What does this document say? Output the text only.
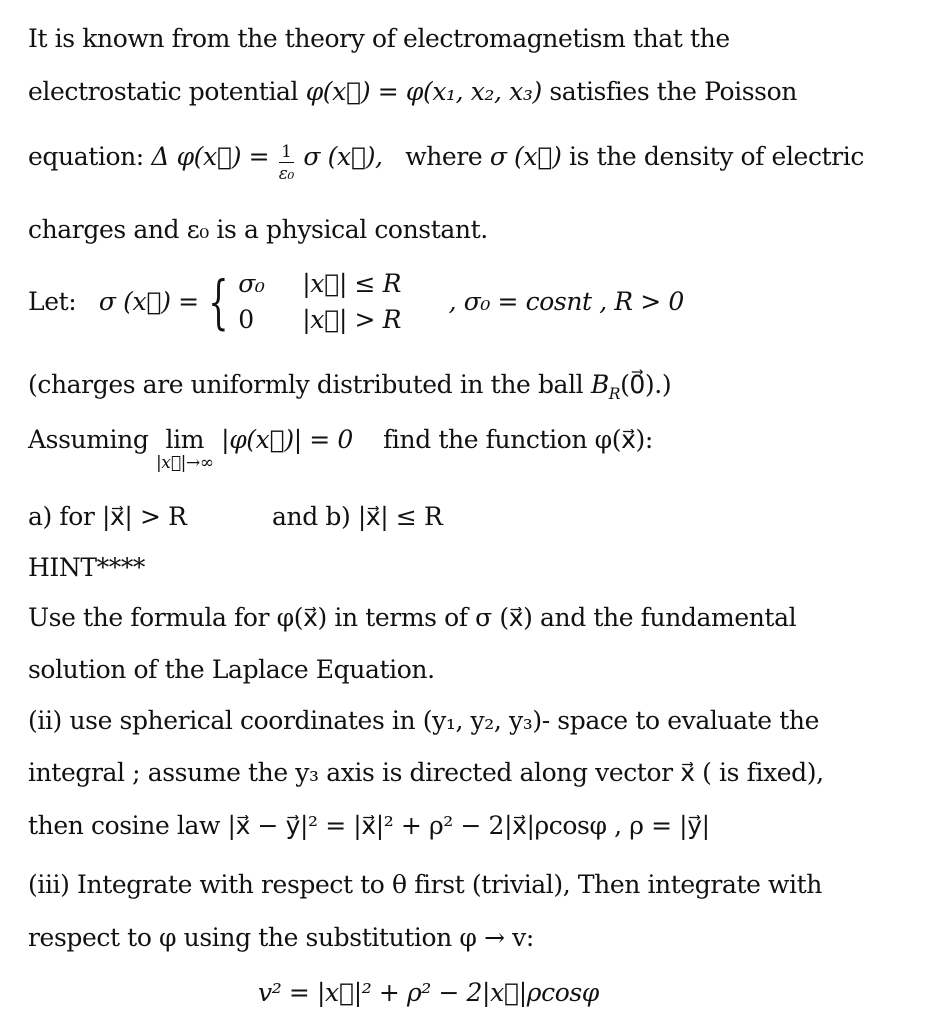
It is known from the theory of electromagnetism that the
electrostatic potential φ(x⃗) = φ(x₁, x₂, x₃) satisfies the Poisson
equation: Δ φ(x⃗) = $\frac{1}{\text{ε₀}}$ σ (x⃗), where σ (x⃗) is the density of electric
charges and ε₀ is a physical constant.
Let: σ (x⃗) = { σ₀ |x⃗| ≤ R
0 |x⃗| > R
, σ₀ = cosnt , R > 0
(charges are uniformly distributed in the ball $B_R(0⃗)$.)
Assuming lim
|x⃗|→∞
|φ(x⃗)| = 0 find the function φ(x⃗):
a) for |x⃗| > R	and b) |x⃗| ≤ R
HINT****
Use the formula for φ(x⃗) in terms of σ (x⃗) and the fundamental
solution of the Laplace Equation.
(ii) use spherical coordinates in (y₁, y₂, y₃)- space to evaluate the
integral ; assume the y₃ axis is directed along vector x⃗ ( is fixed),
then cosine law |x⃗ − y⃗|² = |x⃗|² + ρ² − 2|x⃗|ρcosφ , ρ = |y⃗|
(iii) Integrate with respect to θ first (trivial), Then integrate with
respect to φ using the substitution φ → v:
v² = |x⃗|² + ρ² − 2|x⃗|ρcosφ
